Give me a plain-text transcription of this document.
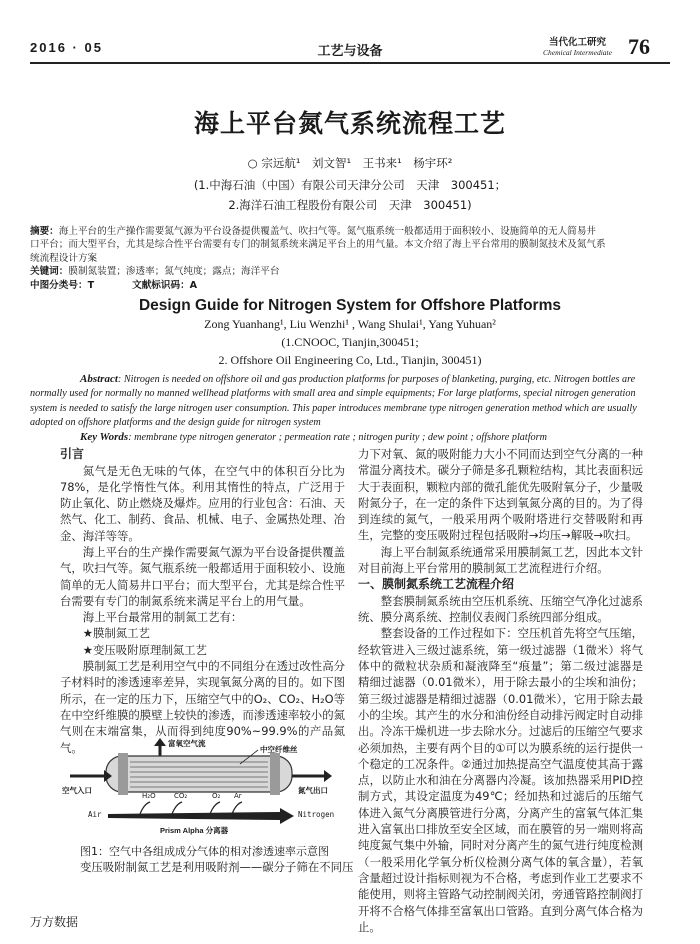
2016 · 05	工艺与设备
当代化工研究
Chemical Intermediate 76
海上平台氮气系统流程工艺
○ 宗远航¹　刘文智¹　王书来¹　杨宇环²
(1.中海石油（中国）有限公司天津分公司　天津　300451；
2.海洋石油工程股份有限公司　天津　300451)
摘要：海上平台的生产操作需要氮气源为平台设备提供覆盖气、吹扫气等。氮气瓶系统一般都适用于面积较小、设施简单的无人简易井
口平台；而大型平台，尤其是综合性平台需要有专门的制氮系统来满足平台上的用气量。本文介绍了海上平台常用的膜制氮技术及氮气系
统流程设计方案
关键词：膜制氮装置；渗透率；氮气纯度；露点；海洋平台
中图分类号：T	文献标识码：A
Design Guide for Nitrogen System for Offshore Platforms
Zong Yuanhang¹, Liu Wenzhi¹ , Wang Shulai¹, Yang Yuhuan²
(1.CNOOC, Tianjin,300451;
2. Offshore Oil Engineering Co, Ltd., Tianjin, 300451)
Abstract: Nitrogen is needed on offshore oil and gas production platforms for purposes of blanketing, purging, etc. Nitrogen bottles are
normally used for normally no manned wellhead platforms with small area and simple equipments; For large platforms, special nitrogen generation
system is needed to satisfy the large nitrogen user consumption. This paper introduces membrane type nitrogen generation method which are usually
adopted on offshore platforms and the design guide for nitrogen system
Key Words: membrane type nitrogen generator ; permeation rate ; nitrogen purity ; dew point ; offshore platform
引言

氮气是无色无味的气体，在空气中的体积百分比为78%，是化学惰性气体。利用其惰性的特点，广泛用于防止氧化、防止燃烧及爆炸。应用的行业包含：石油、天然气、化工、制药、食品、机械、电子、金属热处理、冶金、海洋等等。

海上平台的生产操作需要氮气源为平台设备提供覆盖气，吹扫气等。氮气瓶系统一般都适用于面积较小、设施简单的无人简易井口平台；而大型平台，尤其是综合性平台需要有专门的制氮系统来满足平台上的用气量。

海上平台最常用的制氮工艺有：

★膜制氮工艺

★变压吸附原理制氮工艺

膜制氮工艺是利用空气中的不同组分在透过改性高分子材料时的渗透速率差异，实现氧氮分离的目的。如下图所示，在一定的压力下，压缩空气中的O₂、CO₂、H₂O等在中空纤维膜的膜壁上较快的渗透，而渗透速率较小的氮气则在末端富集，从而得到纯度90%~99.9%的产品氮气。	富氧空气流
中空纤维丝
空气入口	氮气出口
Air	Nitrogen
H₂O	CO₂	O₂ Ar
Prism Alpha 分离器
图1：空气中各组成成分气体的相对渗透速率示意图
变压吸附制氮工艺是利用吸附剂——碳分子筛在不同压

力下对氧、氮的吸附能力大小不同而达到空气分离的一种常温分离技术。碳分子筛是多孔颗粒结构，其比表面积远大于表面积，颗粒内部的微孔能优先吸附氧分子，少量吸附氮分子，在一定的条件下达到氧氮分离的目的。为了得到连续的氮气，一般采用两个吸附塔进行交替吸附和再生，完整的变压吸附过程包括吸附→均压→解吸→吹扫。

海上平台制氮系统通常采用膜制氮工艺，因此本文针对目前海上平台常用的膜制氮工艺流程进行介绍。

一、膜制氮系统工艺流程介绍

整套膜制氮系统由空压机系统、压缩空气净化过滤系统、膜分离系统、控制仪表阀门系统四部分组成。

整套设备的工作过程如下：空压机首先将空气压缩，经软管进入三级过滤系统，第一级过滤器（1微米）将气体中的微粒状杂质和凝液降至“痕量”；第二级过滤器是精细过滤器（0.01微米），用于除去最小的尘埃和油份；第三级过滤器是精细过滤器（0.01微米），它用于除去最小的尘埃。其产生的水分和油份经自动排污阀定时自动排出。冷冻干燥机进一步去除水分。过滤后的压缩空气要求必须加热，主要有两个目的①可以为膜系统的运行提供一个稳定的工况条件。②通过加热提高空气温度使其高于露点，以防止水和油在分离器内冷凝。该加热器采用PID控制方式，其设定温度为49℃；经加热和过滤后的压缩气体进入氮气分离膜管进行分离，分离产生的富氧气体汇集进入富氧出口排放至安全区域，而在膜管的另一端则将高纯度氮气集中外输，同时对分离产生的氮气进行纯度检测（一般采用化学氧分析仪检测分离气体的氧含量），若氧含量超过设计指标则视为不合格，考虑到作业工艺要求不能使用，则将主管路气动控制阀关闭，旁通管路控制阀打开将不合格气体排至富氧出口管路。直到分离气体合格为止。

万方数据
